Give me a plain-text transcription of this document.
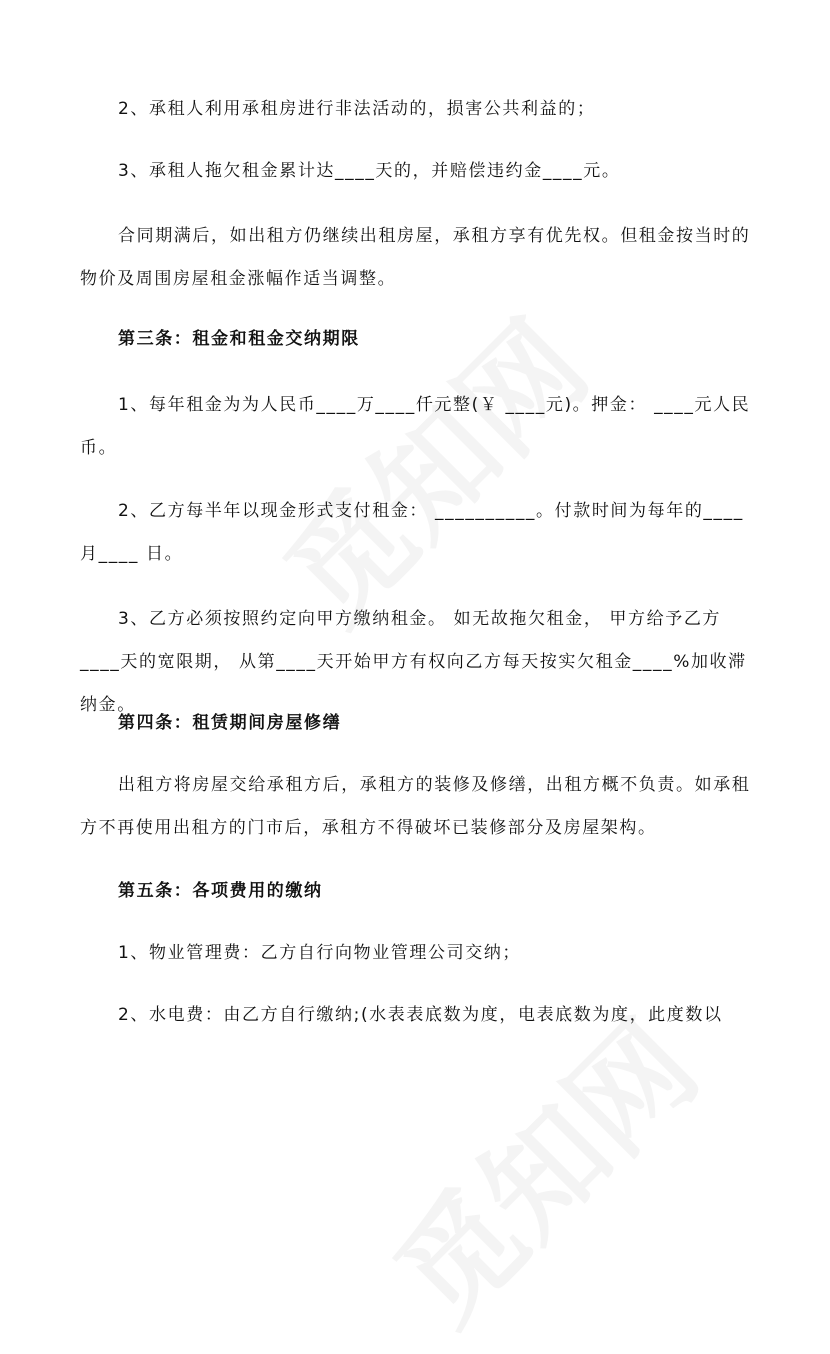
2、承租人利用承租房进行非法活动的，损害公共利益的；

3、承租人拖欠租金累计达____天的，并赔偿违约金____元。

合同期满后，如出租方仍继续出租房屋，承租方享有优先权。但租金按当时的物价及周围房屋租金涨幅作适当调整。

第三条：租金和租金交纳期限

1、每年租金为为人民币____万____仟元整(￥ ____元)。押金： ____元人民币。

2、乙方每半年以现金形式支付租金： __________。付款时间为每年的____月____ 日。

3、乙方必须按照约定向甲方缴纳租金。 如无故拖欠租金， 甲方给予乙方____天的宽限期， 从第____天开始甲方有权向乙方每天按实欠租金____%加收滞纳金。

第四条：租赁期间房屋修缮

出租方将房屋交给承租方后，承租方的装修及修缮，出租方概不负责。如承租方不再使用出租方的门市后，承租方不得破坏已装修部分及房屋架构。

第五条：各项费用的缴纳

1、物业管理费：乙方自行向物业管理公司交纳；

2、水电费：由乙方自行缴纳;(水表表底数为度，电表底数为度，此度数以
